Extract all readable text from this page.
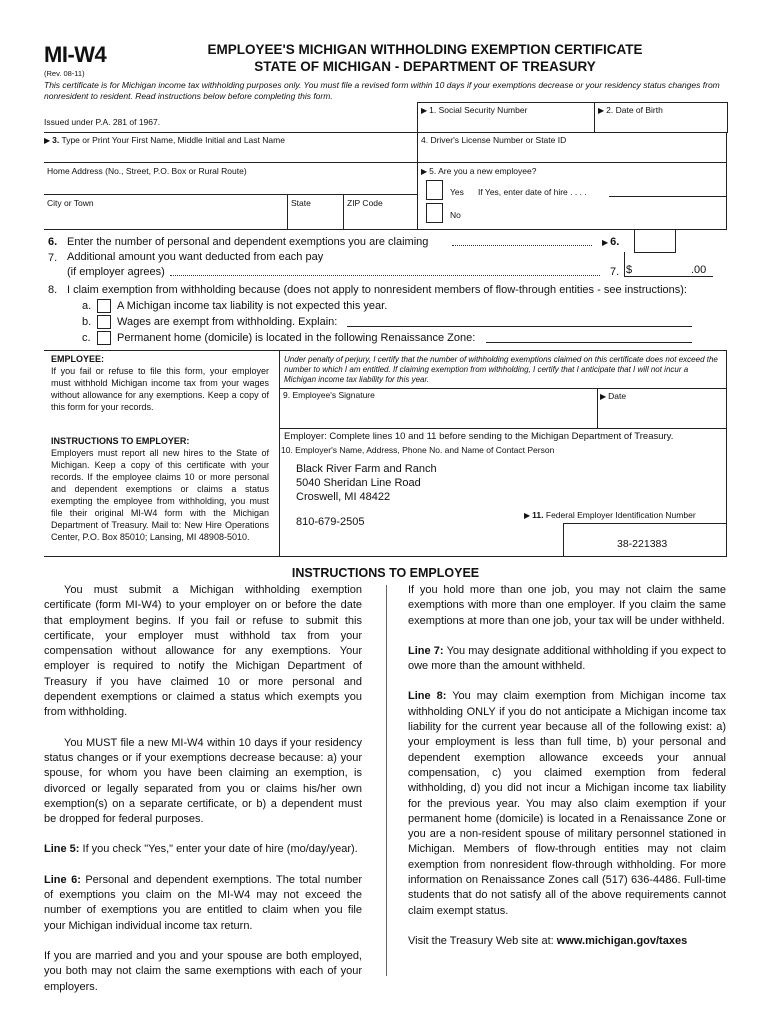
MI-W4
(Rev. 08-11)
EMPLOYEE'S MICHIGAN WITHHOLDING EXEMPTION CERTIFICATE
STATE OF MICHIGAN - DEPARTMENT OF TREASURY
This certificate is for Michigan income tax withholding purposes only. You must file a revised form within 10 days if your exemptions decrease or your residency status changes from nonresident to resident. Read instructions below before completing this form.
Issued under P.A. 281 of 1967.
▶ 1. Social Security Number	▶ 2. Date of Birth
▶ 3. Type or Print Your First Name, Middle Initial and Last Name	4. Driver's License Number or State ID
Home Address (No., Street, P.O. Box or Rural Route)	▶ 5. Are you a new employee?
Yes If Yes, enter date of hire . . . .
No
City or Town	State	ZIP Code
6. Enter the number of personal and dependent exemptions you are claiming	▶ 6.
7. Additional amount you want deducted from each pay
(if employer agrees)	7. $	.00
8. I claim exemption from withholding because (does not apply to nonresident members of flow-through entities - see instructions):
a. A Michigan income tax liability is not expected this year.
b. Wages are exempt from withholding. Explain:
c. Permanent home (domicile) is located in the following Renaissance Zone:
EMPLOYEE:
If you fail or refuse to file this form, your employer must withhold Michigan income tax from your wages without allowance for any exemptions. Keep a copy of this form for your records.
INSTRUCTIONS TO EMPLOYER:
Employers must report all new hires to the State of Michigan. Keep a copy of this certificate with your records. If the employee claims 10 or more personal and dependent exemptions or claims a status exempting the employee from withholding, you must file their original MI-W4 form with the Michigan Department of Treasury. Mail to: New Hire Operations Center, P.O. Box 85010; Lansing, MI 48908-5010.
Under penalty of perjury, I certify that the number of withholding exemptions claimed on this certificate does not exceed the number to which I am entitled. If claiming exemption from withholding, I certify that I anticipate that I will not incur a Michigan income tax liability for this year.
9. Employee's Signature	▶ Date
Employer: Complete lines 10 and 11 before sending to the Michigan Department of Treasury.
10. Employer's Name, Address, Phone No. and Name of Contact Person
Black River Farm and Ranch
5040 Sheridan Line Road
Croswell, MI 48422
810-679-2505
▶ 11. Federal Employer Identification Number
38-221383
INSTRUCTIONS TO EMPLOYEE

You must submit a Michigan withholding exemption certificate (form MI-W4) to your employer on or before the date that employment begins. If you fail or refuse to submit this certificate, your employer must withhold tax from your compensation without allowance for any exemptions. Your employer is required to notify the Michigan Department of Treasury if you have claimed 10 or more personal and dependent exemptions or claimed a status which exempts you from withholding.

You MUST file a new MI-W4 within 10 days if your residency status changes or if your exemptions decrease because: a) your spouse, for whom you have been claiming an exemption, is divorced or legally separated from you or claims his/her own exemption(s) on a separate certificate, or b) a dependent must be dropped for federal purposes.

Line 5: If you check "Yes," enter your date of hire (mo/day/year).

Line 6: Personal and dependent exemptions. The total number of exemptions you claim on the MI-W4 may not exceed the number of exemptions you are entitled to claim when you file your Michigan individual income tax return.

If you are married and you and your spouse are both employed, you both may not claim the same exemptions with each of your employers.

If you hold more than one job, you may not claim the same exemptions with more than one employer. If you claim the same exemptions at more than one job, your tax will be under withheld.

Line 7: You may designate additional withholding if you expect to owe more than the amount withheld.

Line 8: You may claim exemption from Michigan income tax withholding ONLY if you do not anticipate a Michigan income tax liability for the current year because all of the following exist: a) your employment is less than full time, b) your personal and dependent exemption allowance exceeds your annual compensation, c) you claimed exemption from federal withholding, d) you did not incur a Michigan income tax liability for the previous year. You may also claim exemption if your permanent home (domicile) is located in a Renaissance Zone or you are a non-resident spouse of military personnel stationed in Michigan. Members of flow-through entities may not claim exemption from nonresident flow-through withholding. For more information on Renaissance Zones call (517) 636-4486. Full-time students that do not satisfy all of the above requirements cannot claim exempt status.

Visit the Treasury Web site at: www.michigan.gov/taxes
